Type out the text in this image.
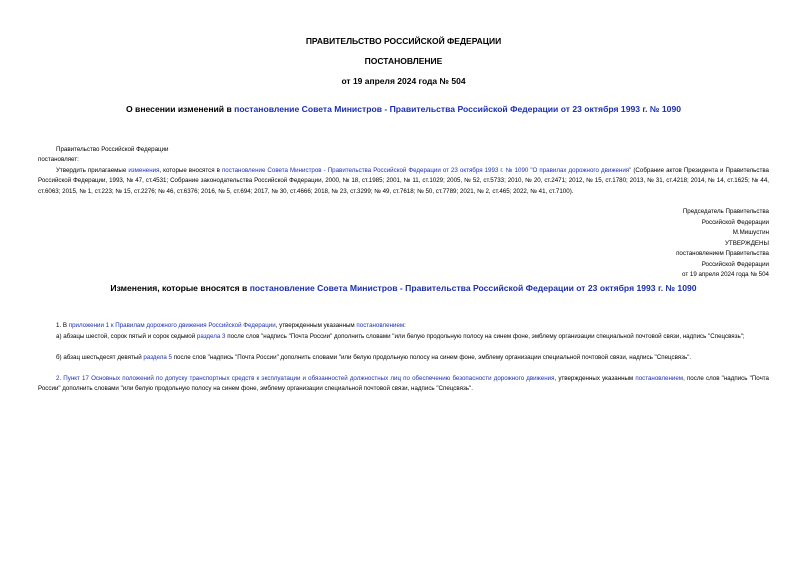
ПРАВИТЕЛЬСТВО РОССИЙСКОЙ ФЕДЕРАЦИИ
ПОСТАНОВЛЕНИЕ
от 19 апреля 2024 года № 504
О внесении изменений в постановление Совета Министров - Правительства Российской Федерации от 23 октября 1993 г. № 1090
Правительство Российской Федерации
постановляет:
Утвердить прилагаемые изменения, которые вносятся в постановление Совета Министров - Правительства Российской Федерации от 23 октября 1993 г. № 1090 "О правилах дорожного движения" (Собрание актов Президента и Правительства Российской Федерации, 1993, № 47, ст.4531; Собрание законодательства Российской Федерации, 2000, № 18, ст.1985; 2001, № 11, ст.1029; 2005, № 52, ст.5733; 2010, № 20, ст.2471; 2012, № 15, ст.1780; 2013, № 31, ст.4218; 2014, № 14, ст.1625; № 44, ст.6063; 2015, № 1, ст.223; № 15, ст.2276; № 46, ст.6376; 2016, № 5, ст.694; 2017, № 30, ст.4666; 2018, № 23, ст.3299; № 49, ст.7618; № 50, ст.7789; 2021, № 2, ст.465; 2022, № 41, ст.7100).
Председатель Правительства
Российской Федерации
М.Мишустин
УТВЕРЖДЕНЫ
постановлением Правительства
Российской Федерации
от 19 апреля 2024 года № 504
Изменения, которые вносятся в постановление Совета Министров - Правительства Российской Федерации от 23 октября 1993 г. № 1090
1. В приложении 1 к Правилам дорожного движения Российской Федерации, утвержденным указанным постановлением:
а) абзацы шестой, сорок пятый и сорок седьмой раздела 3 после слов "надпись "Почта России" дополнить словами "или белую продольную полосу на синем фоне, эмблему организации специальной почтовой связи, надпись "Спецсвязь";
б) абзац шестьдесят девятый раздела 5 после слов "надпись "Почта России" дополнить словами "или белую продольную полосу на синем фоне, эмблему организации специальной почтовой связи, надпись "Спецсвязь".
2. Пункт 17 Основных положений по допуску транспортных средств к эксплуатации и обязанностей должностных лиц по обеспечению безопасности дорожного движения, утвержденных указанным постановлением, после слов "надпись "Почта России" дополнить словами "или белую продольную полосу на синем фоне, эмблему организации специальной почтовой связи, надпись "Спецсвязь".
